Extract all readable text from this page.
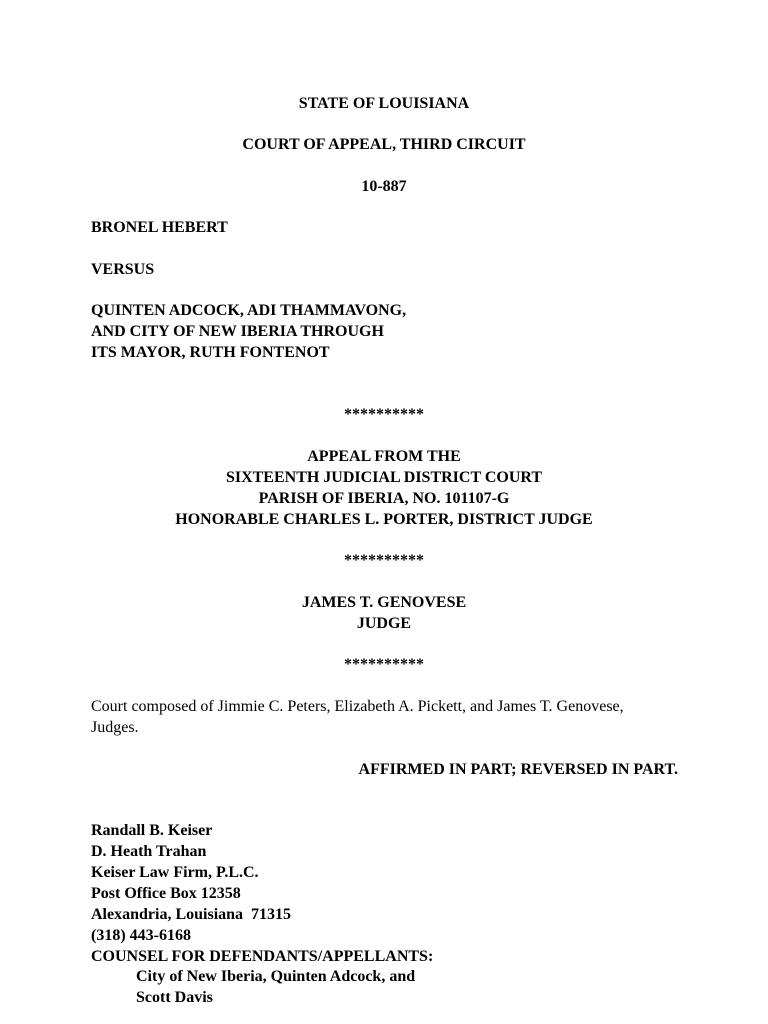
STATE OF LOUISIANA
COURT OF APPEAL, THIRD CIRCUIT
10-887
BRONEL HEBERT
VERSUS
QUINTEN ADCOCK, ADI THAMMAVONG,
AND CITY OF NEW IBERIA THROUGH
ITS MAYOR, RUTH FONTENOT
**********
APPEAL FROM THE
SIXTEENTH JUDICIAL DISTRICT COURT
PARISH OF IBERIA, NO. 101107-G
HONORABLE CHARLES L. PORTER, DISTRICT JUDGE
**********
JAMES T. GENOVESE
JUDGE
**********
Court composed of Jimmie C. Peters, Elizabeth A. Pickett, and James T. Genovese,
Judges.
AFFIRMED IN PART; REVERSED IN PART.
Randall B. Keiser
D. Heath Trahan
Keiser Law Firm, P.L.C.
Post Office Box 12358
Alexandria, Louisiana  71315
(318) 443-6168
COUNSEL FOR DEFENDANTS/APPELLANTS:
City of New Iberia, Quinten Adcock, and
Scott Davis
